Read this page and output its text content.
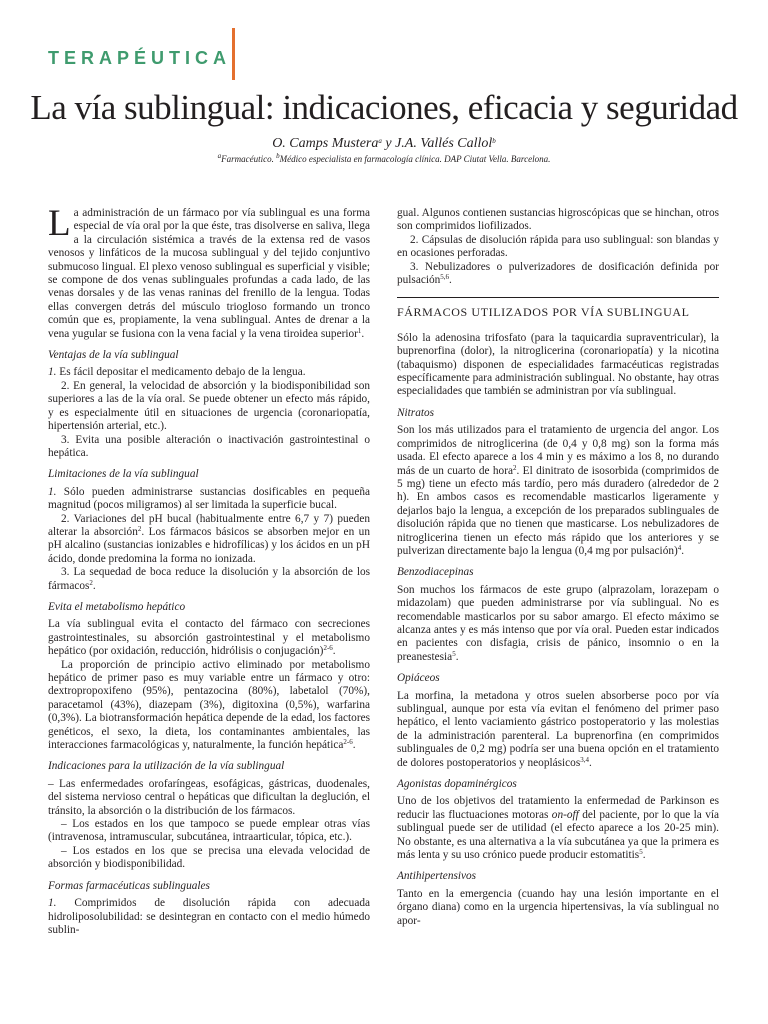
TERAPÉUTICA
La vía sublingual: indicaciones, eficacia y seguridad
O. Camps Mustera$^a$ y J.A. Vallés Callol$^b$
$^a$Farmacéutico. $^b$Médico especialista en farmacología clínica. DAP Ciutat Vella. Barcelona.

La administración de un fármaco por vía sublingual es una forma especial de vía oral por la que éste, tras disolverse en saliva, llega a la circulación sistémica a través de la extensa red de vasos venosos y linfáticos de la mucosa sublingual y del tejido conjuntivo submucoso lingual. El plexo venoso sublingual es superficial y visible; se compone de dos venas sublinguales profundas a cada lado, de las venas dorsales y de las venas raninas del frenillo de la lengua. Todas ellas convergen detrás del músculo triogloso formando un tronco común que es, propiamente, la vena sublingual. Antes de drenar a la vena yugular se fusiona con la vena facial y la vena tiroidea superior$^1$.

Ventajas de la vía sublingual

1. Es fácil depositar el medicamento debajo de la lengua.

2. En general, la velocidad de absorción y la biodisponibilidad son superiores a las de la vía oral. Se puede obtener un efecto más rápido, y es especialmente útil en situaciones de urgencia (coronariopatía, hipertensión arterial, etc.).

3. Evita una posible alteración o inactivación gastrointestinal o hepática.

Limitaciones de la vía sublingual

1. Sólo pueden administrarse sustancias dosificables en pequeña magnitud (pocos miligramos) al ser limitada la superficie bucal.

2. Variaciones del pH bucal (habitualmente entre 6,7 y 7) pueden alterar la absorción$^2$. Los fármacos básicos se absorben mejor en un pH alcalino (sustancias ionizables e hidrofílicas) y los ácidos en un pH ácido, donde predomina la forma no ionizada.

3. La sequedad de boca reduce la disolución y la absorción de los fármacos$^2$.

Evita el metabolismo hepático

La vía sublingual evita el contacto del fármaco con secreciones gastrointestinales, su absorción gastrointestinal y el metabolismo hepático (por oxidación, reducción, hidrólisis o conjugación)$^{2-6}$.

La proporción de principio activo eliminado por metabolismo hepático de primer paso es muy variable entre un fármaco y otro: dextropropoxifeno (95%), pentazocina (80%), labetalol (70%), paracetamol (43%), diazepam (3%), digitoxina (0,5%), warfarina (0,3%). La biotransformación hepática depende de la edad, los factores genéticos, el sexo, la dieta, los contaminantes ambientales, las interacciones farmacológicas y, naturalmente, la función hepática$^{2-6}$.

Indicaciones para la utilización de la vía sublingual

– Las enfermedades orofaríngeas, esofágicas, gástricas, duodenales, del sistema nervioso central o hepáticas que dificultan la deglución, el tránsito, la absorción o la distribución de los fármacos.

– Los estados en los que tampoco se puede emplear otras vías (intravenosa, intramuscular, subcutánea, intraarticular, tópica, etc.).

– Los estados en los que se precisa una elevada velocidad de absorción y biodisponibilidad.

Formas farmacéuticas sublinguales

1. Comprimidos de disolución rápida con adecuada hidroliposolubilidad: se desintegran en contacto con el medio húmedo sublin-

gual. Algunos contienen sustancias higroscópicas que se hinchan, otros son comprimidos liofilizados.

2. Cápsulas de disolución rápida para uso sublingual: son blandas y en ocasiones perforadas.

3. Nebulizadores o pulverizadores de dosificación definida por pulsación$^{5,6}$.

FÁRMACOS UTILIZADOS POR VÍA SUBLINGUAL

Sólo la adenosina trifosfato (para la taquicardia supraventricular), la buprenorfina (dolor), la nitroglicerina (coronariopatía) y la nicotina (tabaquismo) disponen de especialidades farmacéuticas registradas específicamente para administración sublingual. No obstante, hay otras especialidades que también se administran por vía sublingual.

Nitratos

Son los más utilizados para el tratamiento de urgencia del angor. Los comprimidos de nitroglicerina (de 0,4 y 0,8 mg) son la forma más usada. El efecto aparece a los 4 min y es máximo a los 8, no durando más de un cuarto de hora$^2$. El dinitrato de isosorbida (comprimidos de 5 mg) tiene un efecto más tardío, pero más duradero (alrededor de 2 h). En ambos casos es recomendable masticarlos ligeramente y dejarlos bajo la lengua, a excepción de los preparados sublinguales de disolución rápida que no tienen que masticarse. Los nebulizadores de nitroglicerina tienen un efecto más rápido que los anteriores y se pulverizan directamente bajo la lengua (0,4 mg por pulsación)$^4$.

Benzodiacepinas

Son muchos los fármacos de este grupo (alprazolam, lorazepam o midazolam) que pueden administrarse por vía sublingual. No es recomendable masticarlos por su sabor amargo. El efecto máximo se alcanza antes y es más intenso que por vía oral. Pueden estar indicados en pacientes con disfagia, crisis de pánico, insomnio o en la preanestesia$^5$.

Opiáceos

La morfina, la metadona y otros suelen absorberse poco por vía sublingual, aunque por esta vía evitan el fenómeno del primer paso hepático, el lento vaciamiento gástrico postoperatorio y las molestias de la administración parenteral. La buprenorfina (en comprimidos sublinguales de 0,2 mg) podría ser una buena opción en el tratamiento de dolores postoperatorios y neoplásicos$^{3,4}$.

Agonistas dopaminérgicos

Uno de los objetivos del tratamiento la enfermedad de Parkinson es reducir las fluctuaciones motoras on-off del paciente, por lo que la vía sublingual puede ser de utilidad (el efecto aparece a los 20-25 min). No obstante, es una alternativa a la vía subcutánea ya que la primera es más lenta y su uso crónico puede producir estomatitis$^5$.

Antihipertensivos

Tanto en la emergencia (cuando hay una lesión importante en el órgano diana) como en la urgencia hipertensivas, la vía sublingual no apor-
